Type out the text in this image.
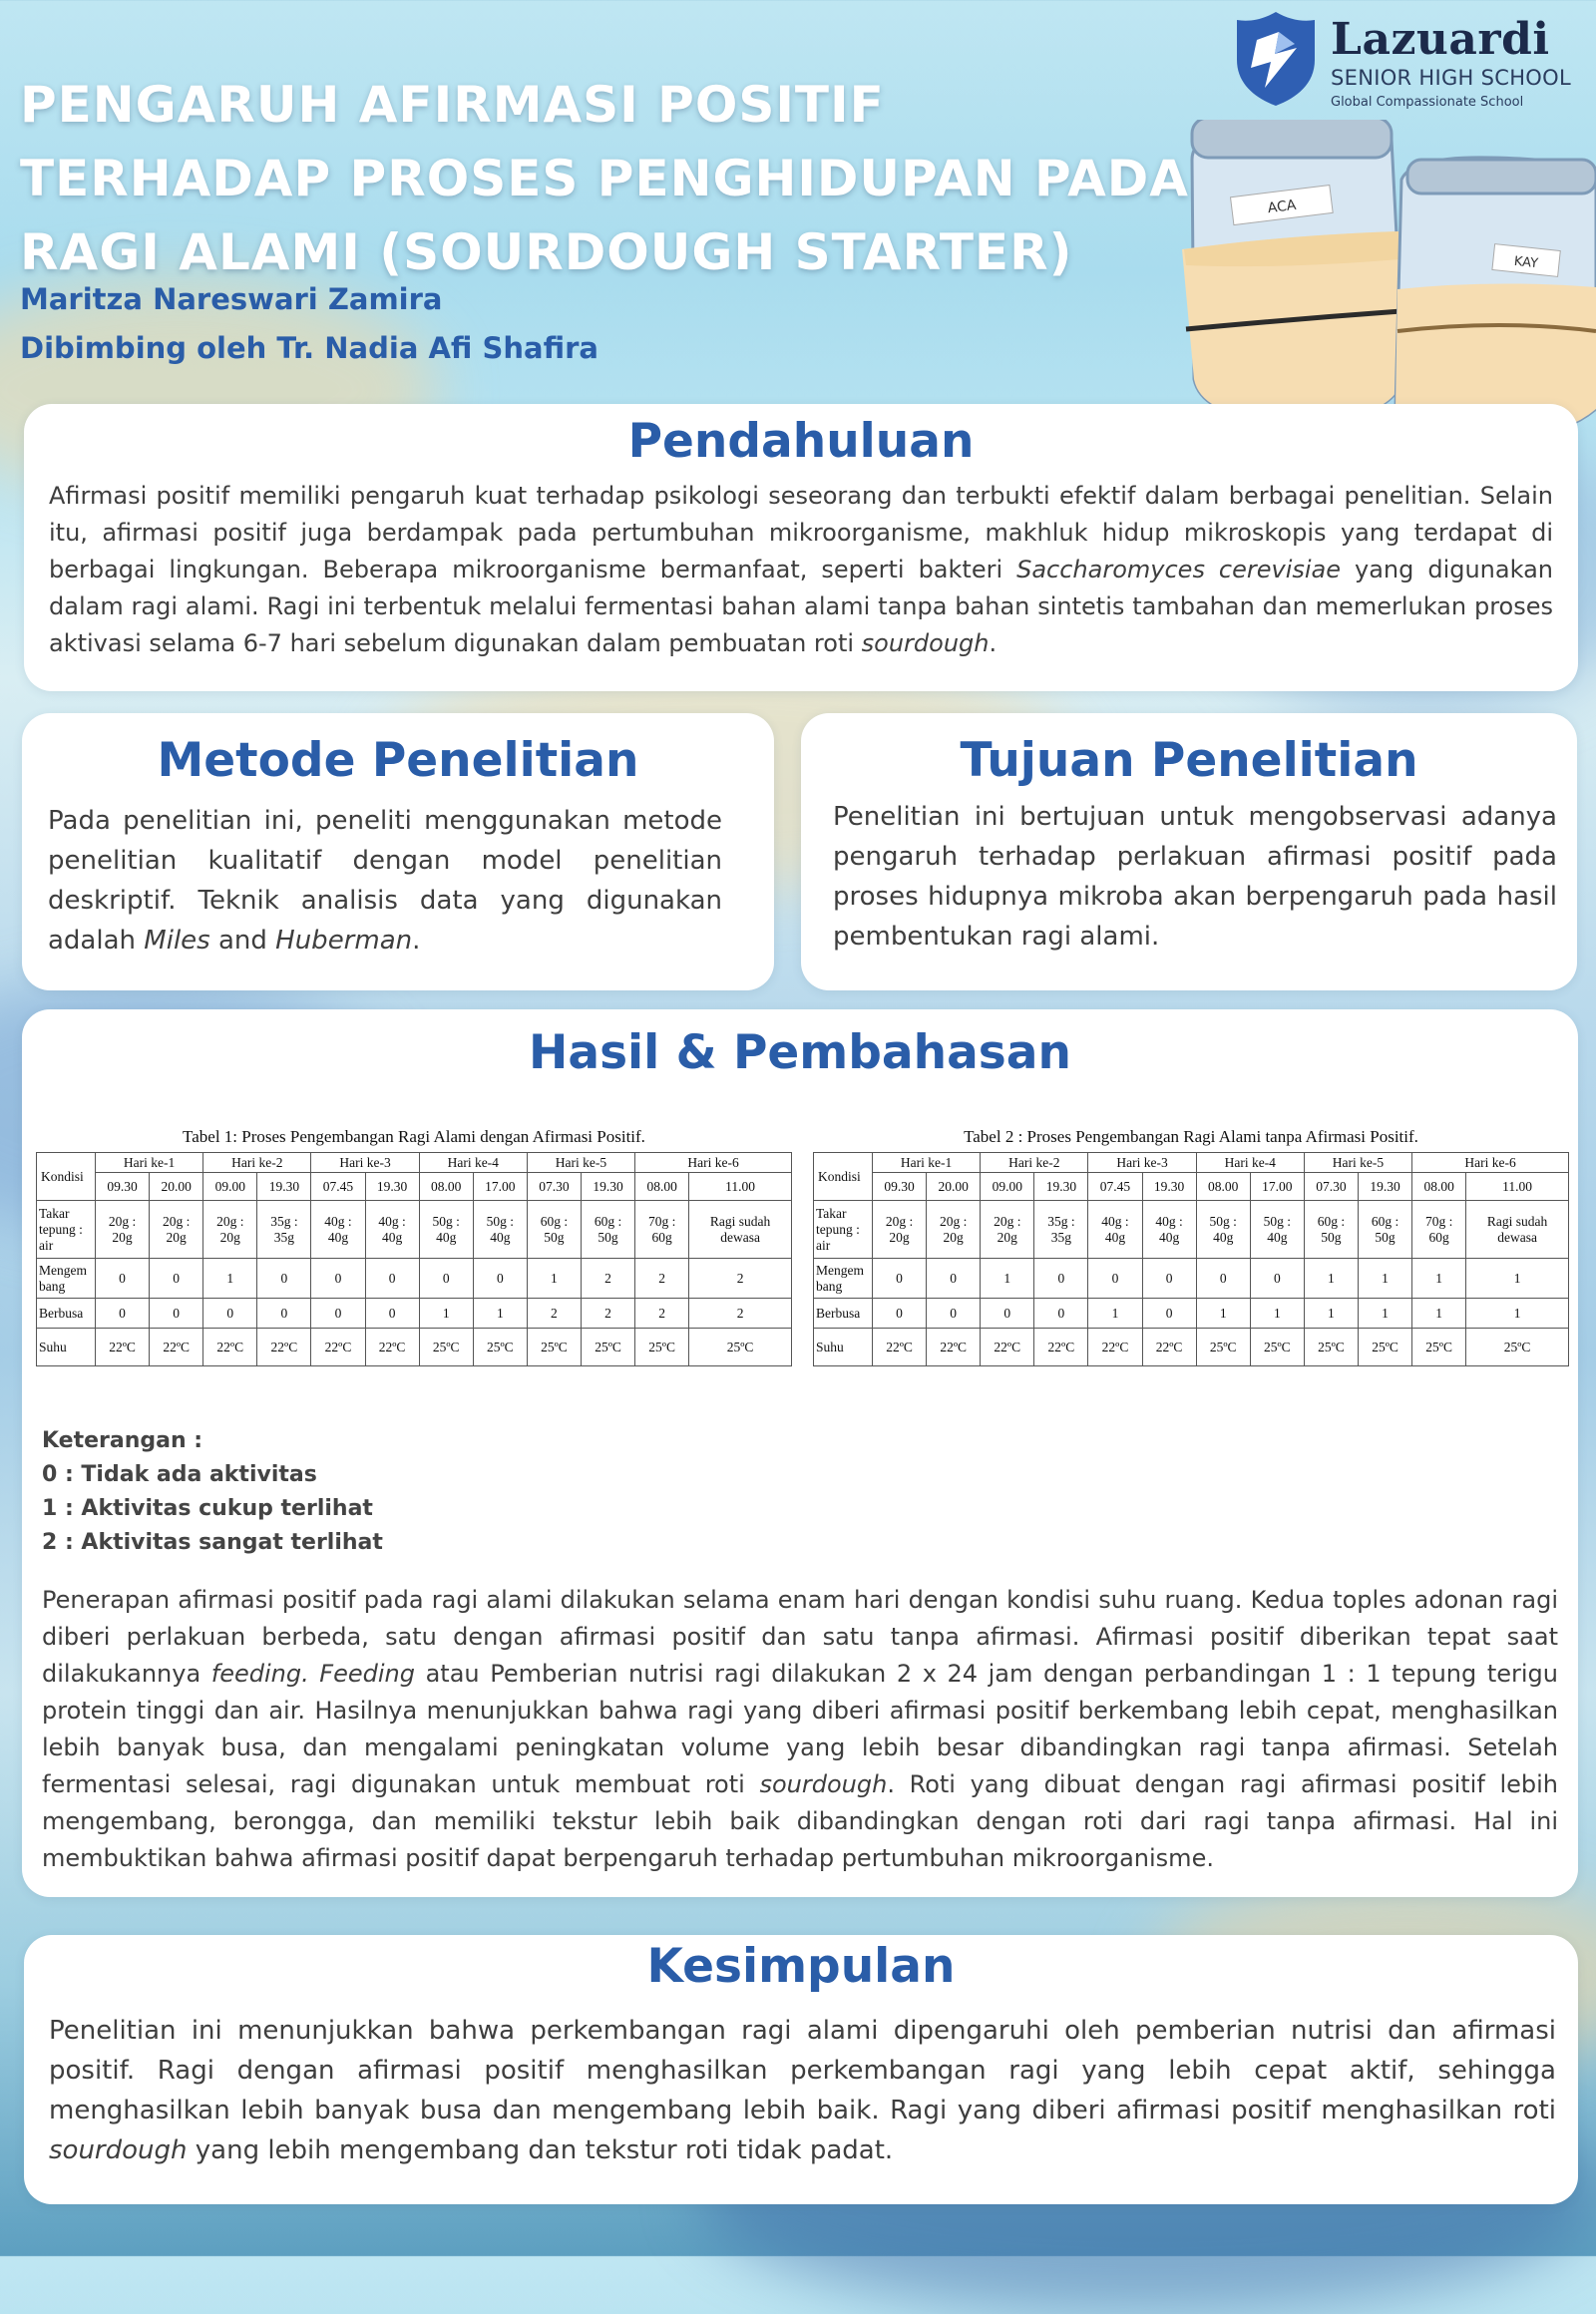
PENGARUH AFIRMASI POSITIF TERHADAP PROSES PENGHIDUPAN PADA RAGI ALAMI (SOURDOUGH STARTER)
Maritza Nareswari Zamira
Dibimbing oleh Tr. Nadia Afi Shafira
Lazuardi
SENIOR HIGH SCHOOL
Global Compassionate School
ACA
KAY
Pendahuluan

Afirmasi positif memiliki pengaruh kuat terhadap psikologi seseorang dan terbukti efektif dalam berbagai penelitian. Selain itu, afirmasi positif juga berdampak pada pertumbuhan mikroorganisme, makhluk hidup mikroskopis yang terdapat di berbagai lingkungan. Beberapa mikroorganisme bermanfaat, seperti bakteri Saccharomyces cerevisiae yang digunakan dalam ragi alami. Ragi ini terbentuk melalui fermentasi bahan alami tanpa bahan sintetis tambahan dan memerlukan proses aktivasi selama 6-7 hari sebelum digunakan dalam pembuatan roti sourdough.

Metode Penelitian

Pada penelitian ini, peneliti menggunakan metode penelitian kualitatif dengan model penelitian deskriptif. Teknik analisis data yang digunakan adalah Miles and Huberman.

Tujuan Penelitian

Penelitian ini bertujuan untuk mengobservasi adanya pengaruh terhadap perlakuan afirmasi positif pada proses hidupnya mikroba akan berpengaruh pada hasil pembentukan ragi alami.

Hasil & Pembahasan
Tabel 1: Proses Pengembangan Ragi Alami dengan Afirmasi Positif.
Kondisi	Hari ke-1		Hari ke-2		Hari ke-3		Hari ke-4		Hari ke-5		Hari ke-6	
	09.30	20.00	09.00	19.30	07.45	19.30	08.00	17.00	07.30	19.30	08.00	11.00
Takar tepung : air	20g : 20g	20g : 20g	20g : 20g	35g : 35g	40g : 40g	40g : 40g	50g : 40g	50g : 40g	60g : 50g	60g : 50g	70g : 60g	Ragi sudah dewasa
Mengem bang	0	0	1	0	0	0	0	0	1	2	2	2
Berbusa	0	0	0	0	0	0	1	1	2	2	2	2
Suhu	22ºC	22ºC	22ºC	22ºC	22ºC	22ºC	25ºC	25ºC	25ºC	25ºC	25ºC	25ºC
Tabel 2 : Proses Pengembangan Ragi Alami tanpa Afirmasi Positif.
Kondisi	Hari ke-1		Hari ke-2		Hari ke-3		Hari ke-4		Hari ke-5		Hari ke-6	
	09.30	20.00	09.00	19.30	07.45	19.30	08.00	17.00	07.30	19.30	08.00	11.00
Takar tepung : air	20g : 20g	20g : 20g	20g : 20g	35g : 35g	40g : 40g	40g : 40g	50g : 40g	50g : 40g	60g : 50g	60g : 50g	70g : 60g	Ragi sudah dewasa
Mengem bang	0	0	1	0	0	0	0	0	1	1	1	1
Berbusa	0	0	0	0	1	0	1	1	1	1	1	1
Suhu	22ºC	22ºC	22ºC	22ºC	22ºC	22ºC	25ºC	25ºC	25ºC	25ºC	25ºC	25ºC
Keterangan :
0 : Tidak ada aktivitas
1 : Aktivitas cukup terlihat
2 : Aktivitas sangat terlihat

Penerapan afirmasi positif pada ragi alami dilakukan selama enam hari dengan kondisi suhu ruang. Kedua toples adonan ragi diberi perlakuan berbeda, satu dengan afirmasi positif dan satu tanpa afirmasi. Afirmasi positif diberikan tepat saat dilakukannya feeding. Feeding atau Pemberian nutrisi ragi dilakukan 2 x 24 jam dengan perbandingan 1 : 1 tepung terigu protein tinggi dan air. Hasilnya menunjukkan bahwa ragi yang diberi afirmasi positif berkembang lebih cepat, menghasilkan lebih banyak busa, dan mengalami peningkatan volume yang lebih besar dibandingkan ragi tanpa afirmasi. Setelah fermentasi selesai, ragi digunakan untuk membuat roti sourdough. Roti yang dibuat dengan ragi afirmasi positif lebih mengembang, berongga, dan memiliki tekstur lebih baik dibandingkan dengan roti dari ragi tanpa afirmasi. Hal ini membuktikan bahwa afirmasi positif dapat berpengaruh terhadap pertumbuhan mikroorganisme.

Kesimpulan

Penelitian ini menunjukkan bahwa perkembangan ragi alami dipengaruhi oleh pemberian nutrisi dan afirmasi positif. Ragi dengan afirmasi positif menghasilkan perkembangan ragi yang lebih cepat aktif, sehingga menghasilkan lebih banyak busa dan mengembang lebih baik. Ragi yang diberi afirmasi positif menghasilkan roti sourdough yang lebih mengembang dan tekstur roti tidak padat.
